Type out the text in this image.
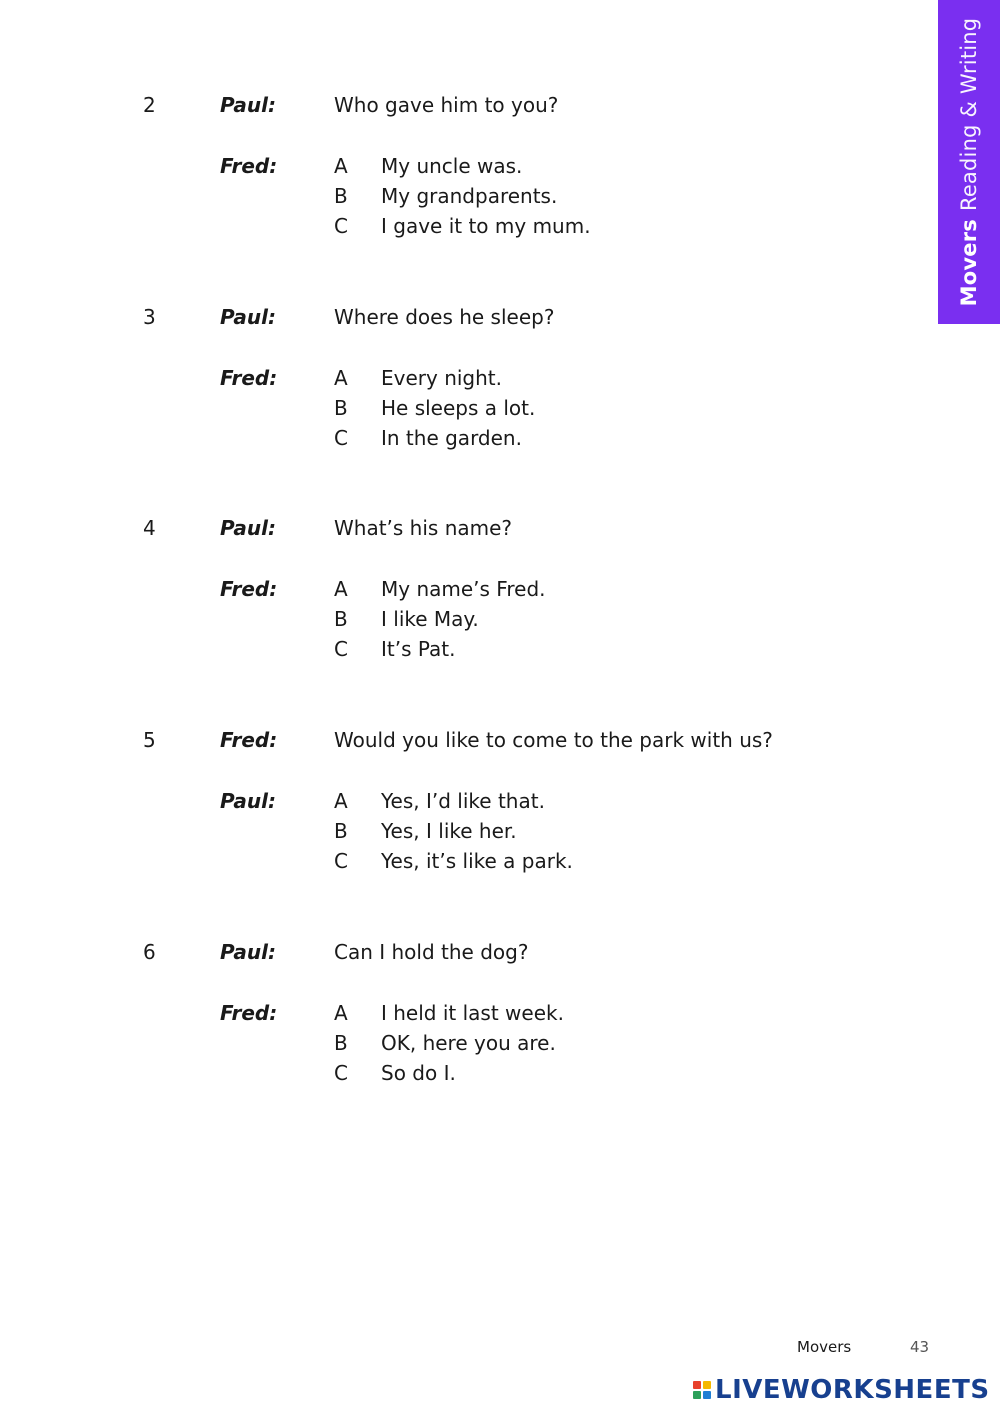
MoversReading & Writing
2	Paul:	Who gave him to you?
Fred:	A My uncle was.
B My grandparents.
C I gave it to my mum.
3	Paul:	Where does he sleep?
Fred:	A Every night.
B He sleeps a lot.
C In the garden.
4	Paul:	What’s his name?
Fred:	A My name’s Fred.
B I like May.
C It’s Pat.
5	Fred:	Would you like to come to the park with us?
Paul:	A Yes, I’d like that.
B Yes, I like her.
C Yes, it’s like a park.
6	Paul:	Can I hold the dog?
Fred:	A I held it last week.
B OK, here you are.
C So do I.
Movers	43
LIVEWORKSHEETS
